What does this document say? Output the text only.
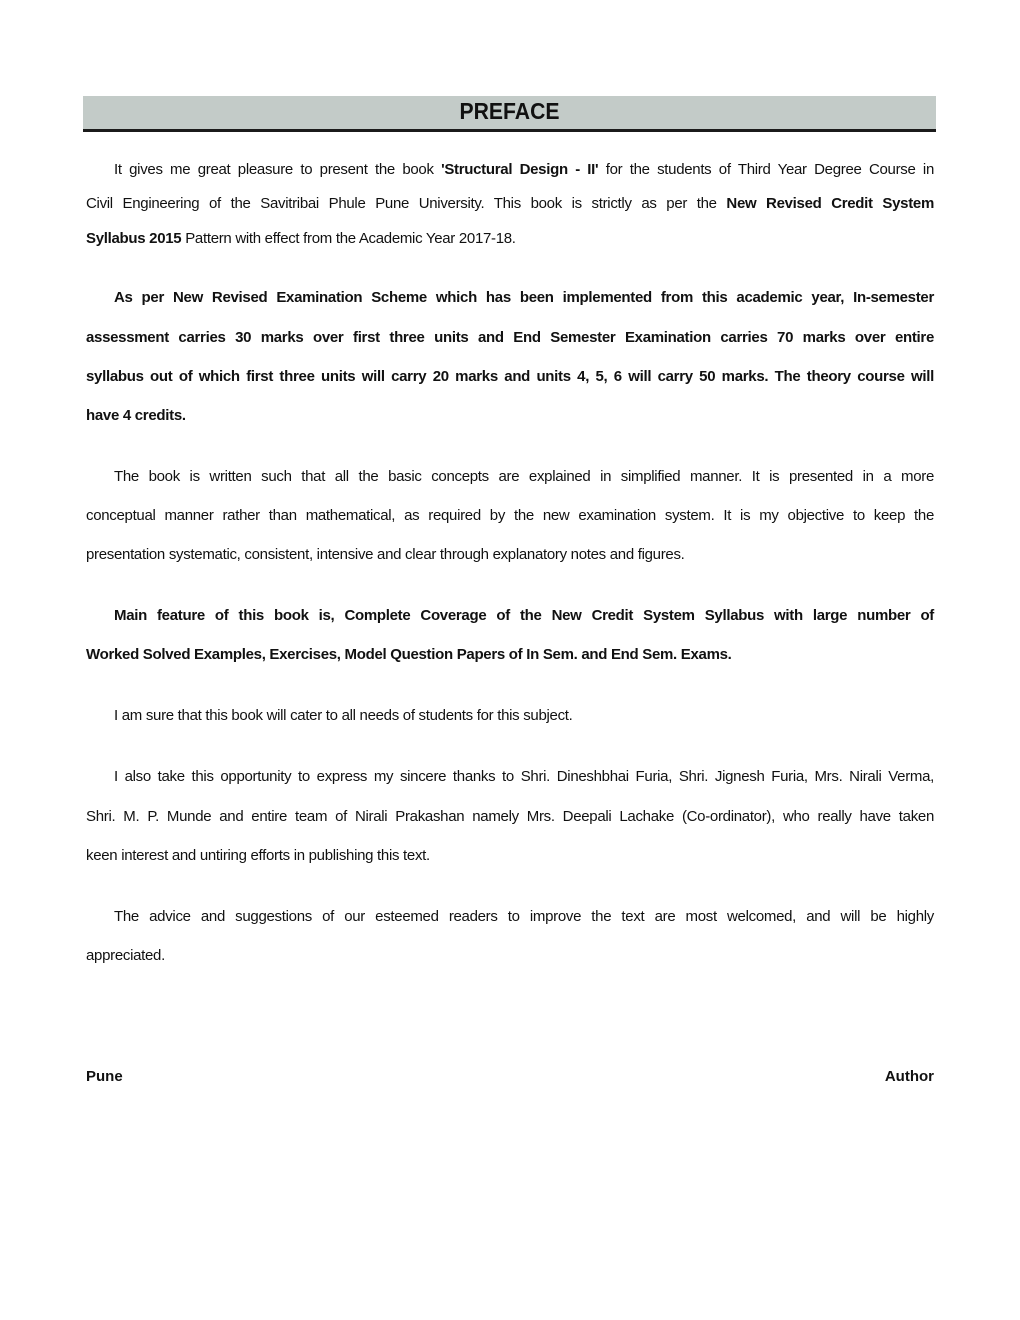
PREFACE
It gives me great pleasure to present the book 'Structural Design - II' for the students of Third Year Degree Course in
Civil Engineering of the Savitribai Phule Pune University. This book is strictly as per the New Revised Credit System
Syllabus 2015 Pattern with effect from the Academic Year 2017-18.
As per New Revised Examination Scheme which has been implemented from this academic year, In-semester
assessment carries 30 marks over first three units and End Semester Examination carries 70 marks over entire
syllabus out of which first three units will carry 20 marks and units 4, 5, 6 will carry 50 marks. The theory course will
have 4 credits.
The book is written such that all the basic concepts are explained in simplified manner. It is presented in a more
conceptual manner rather than mathematical, as required by the new examination system. It is my objective to keep the
presentation systematic, consistent, intensive and clear through explanatory notes and figures.
Main feature of this book is, Complete Coverage of the New Credit System Syllabus with large number of
Worked Solved Examples, Exercises, Model Question Papers of In Sem. and End Sem. Exams.
I am sure that this book will cater to all needs of students for this subject.
I also take this opportunity to express my sincere thanks to Shri. Dineshbhai Furia, Shri. Jignesh Furia, Mrs. Nirali Verma,
Shri. M. P. Munde and entire team of Nirali Prakashan namely Mrs. Deepali Lachake (Co-ordinator), who really have taken
keen interest and untiring efforts in publishing this text.
The advice and suggestions of our esteemed readers to improve the text are most welcomed, and will be highly
appreciated.
Pune	Author
